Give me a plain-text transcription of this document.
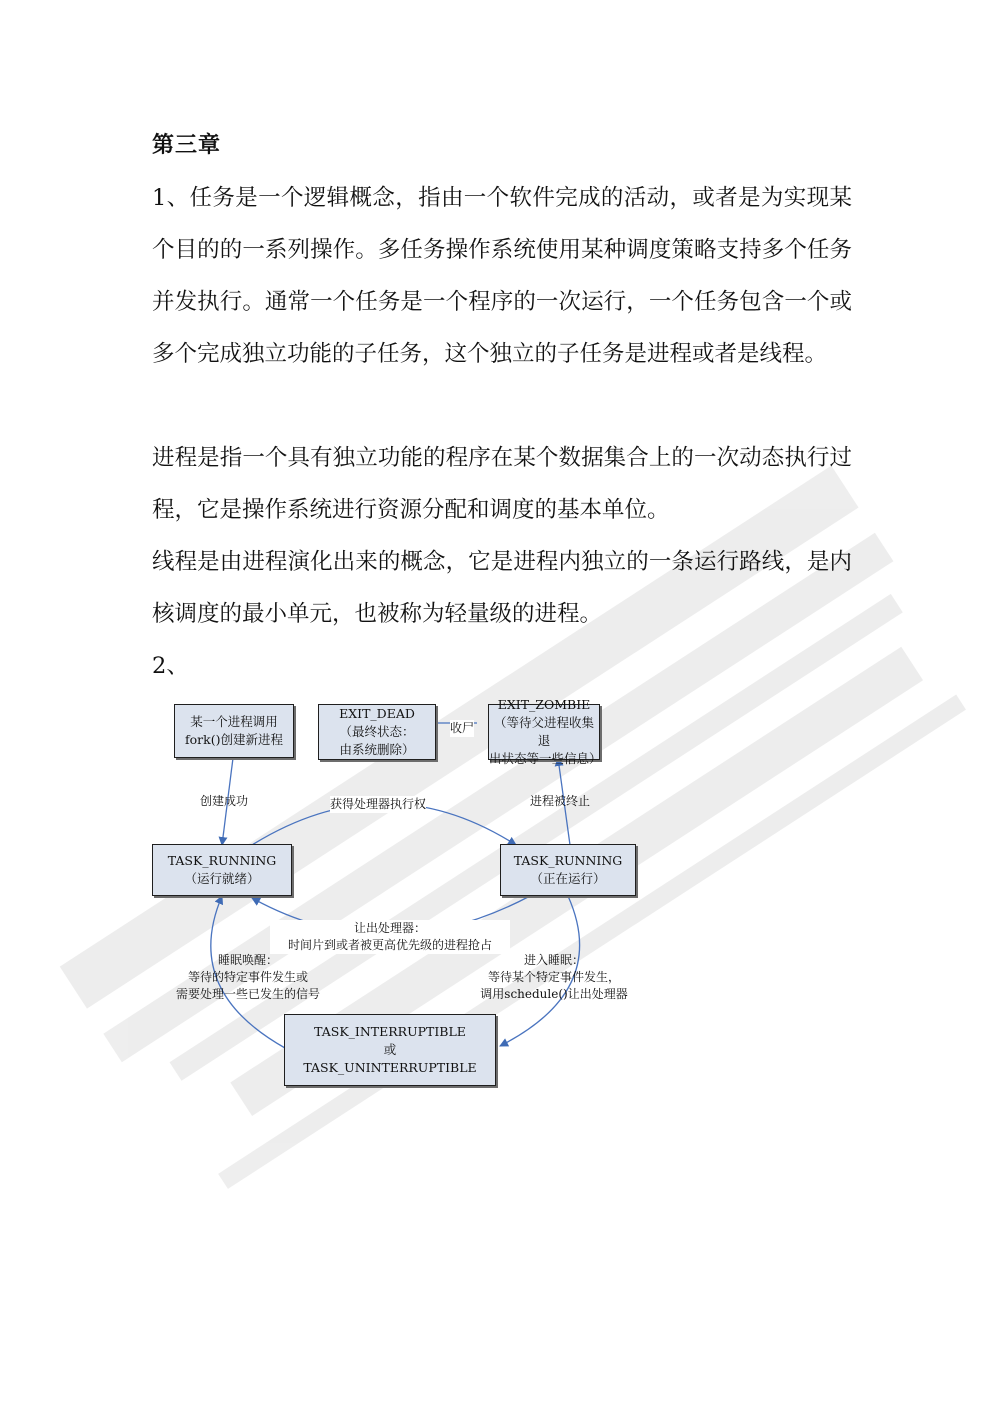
第三章

1、任务是一个逻辑概念，指由一个软件完成的活动，或者是为实现某个目的的一系列操作。多任务操作系统使用某种调度策略支持多个任务并发执行。通常一个任务是一个程序的一次运行，一个任务包含一个或多个完成独立功能的子任务，这个独立的子任务是进程或者是线程。

进程是指一个具有独立功能的程序在某个数据集合上的一次动态执行过程，它是操作系统进行资源分配和调度的基本单位。

线程是由进程演化出来的概念，它是进程内独立的一条运行路线，是内核调度的最小单元，也被称为轻量级的进程。

2、

某一个进程调用
fork()创建新进程
EXIT_DEAD
（最终状态：
由系统删除）
EXIT_ZOMBIE
（等待父进程收集退
出状态等一些信息）
TASK_RUNNING
（运行就绪）
TASK_RUNNING
（正在运行）
TASK_INTERRUPTIBLE
或
TASK_UNINTERRUPTIBLE
创建成功
收尸
获得处理器执行权	进程被终止
让出处理器：
时间片到或者被更高优先级的进程抢占
睡眠唤醒：
等待的特定事件发生或
需要处理一些已发生的信号
进入睡眠：
等待某个特定事件发生，
调用schedule()让出处理器
